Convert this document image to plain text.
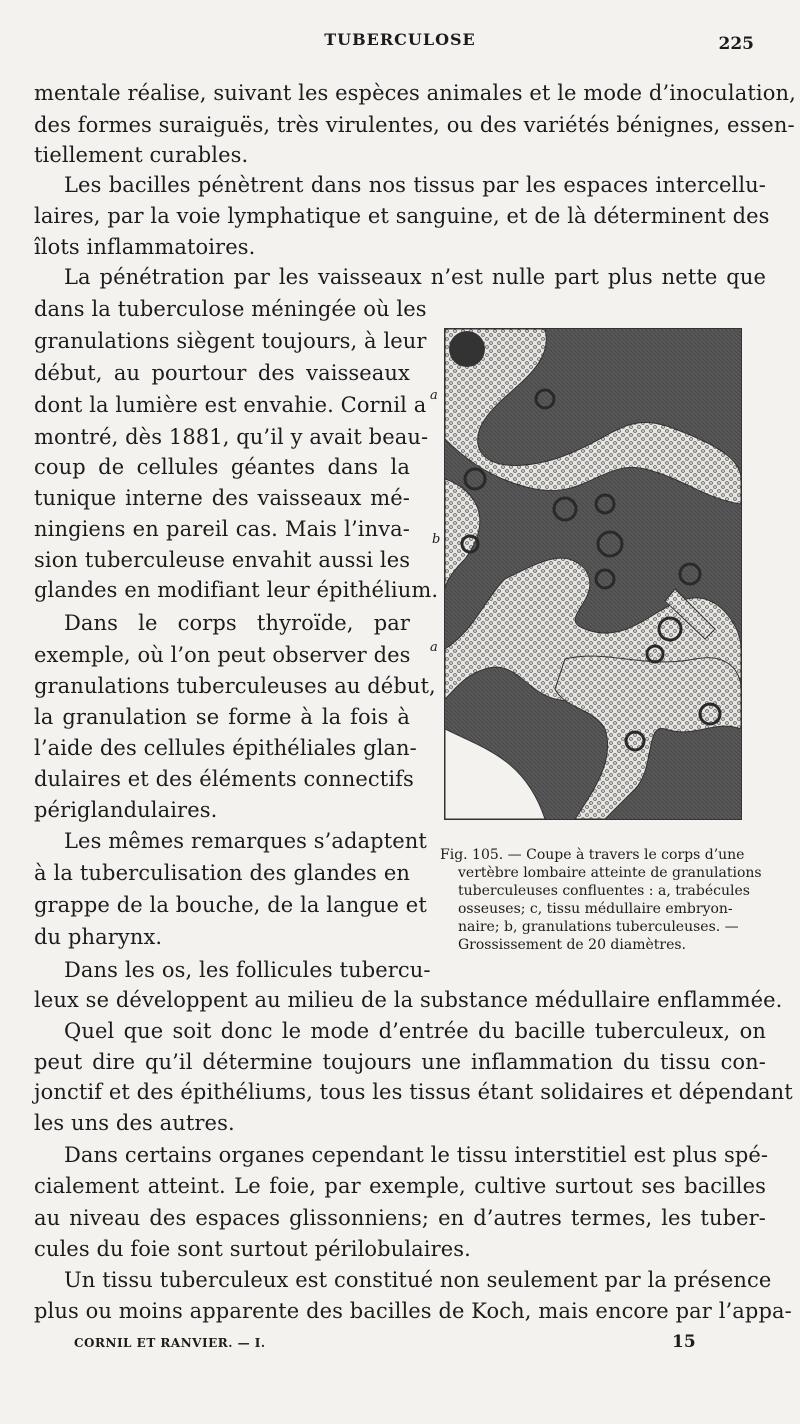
TUBERCULOSE	225
mentale réalise, suivant les espèces animales et le mode d’inoculation,
des formes suraiguës, très virulentes, ou des variétés bénignes, essen-
tiellement curables.
Les bacilles pénètrent dans nos tissus par les espaces intercellu-
laires, par la voie lymphatique et sanguine, et de là déterminent des
îlots inflammatoires.
La pénétration par les vaisseaux n’est nulle part plus nette que
dans la tuberculose méningée où les
granulations siègent toujours, à leur
début, au pourtour des vaisseaux
dont la lumière est envahie. Cornil a
montré, dès 1881, qu’il y avait beau-
coup de cellules géantes dans la
tunique interne des vaisseaux mé-
ningiens en pareil cas. Mais l’inva-
sion tuberculeuse envahit aussi les
glandes en modifiant leur épithélium.
Dans le corps thyroïde, par
exemple, où l’on peut observer des
granulations tuberculeuses au début,
la granulation se forme à la fois à
l’aide des cellules épithéliales glan-
dulaires et des éléments connectifs
périglandulaires.
Les mêmes remarques s’adaptent
à la tuberculisation des glandes en
grappe de la bouche, de la langue et
du pharynx.
Dans les os, les follicules tubercu-
a
b
a
Fig. 105. — Coupe à travers le corps d’une
vertèbre lombaire atteinte de granulations
tuberculeuses confluentes : a, trabécules
osseuses; c, tissu médullaire embryon-
naire; b, granulations tuberculeuses. —
Grossissement de 20 diamètres.
leux se développent au milieu de la substance médullaire enflammée.
Quel que soit donc le mode d’entrée du bacille tuberculeux, on
peut dire qu’il détermine toujours une inflammation du tissu con-
jonctif et des épithéliums, tous les tissus étant solidaires et dépendant
les uns des autres.
Dans certains organes cependant le tissu interstitiel est plus spé-
cialement atteint. Le foie, par exemple, cultive surtout ses bacilles
au niveau des espaces glissonniens; en d’autres termes, les tuber-
cules du foie sont surtout périlobulaires.
Un tissu tuberculeux est constitué non seulement par la présence
plus ou moins apparente des bacilles de Koch, mais encore par l’appa-
CORNIL ET RANVIER. — I.	15
